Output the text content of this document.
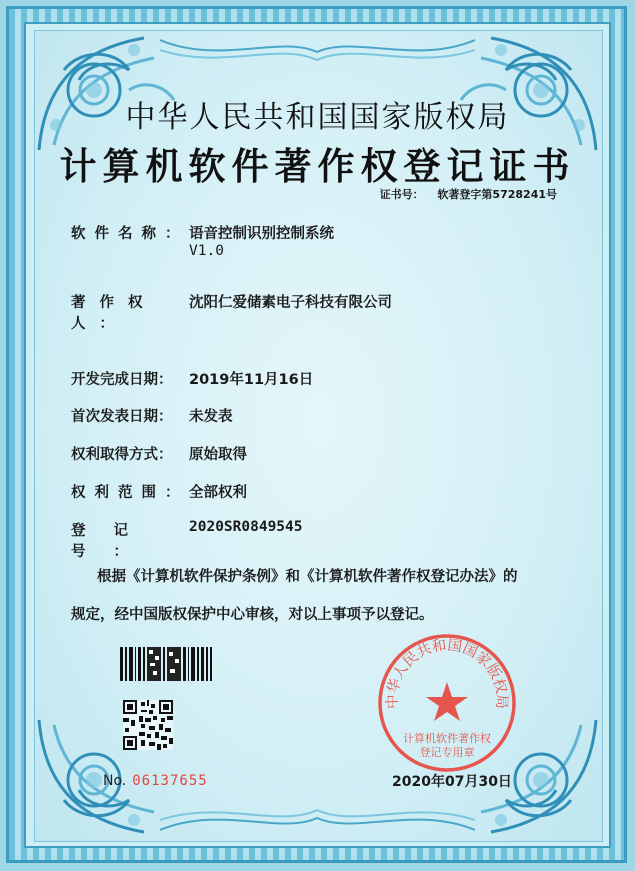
中华人民共和国国家版权局
计算机软件著作权登记证书
证书号： 软著登字第5728241号
软件名称：语音控制识别控制系统
V1.0
著作权人：沈阳仁爱储素电子科技有限公司
开发完成日期： 2019年11月16日
首次发表日期： 未发表
权利取得方式： 原始取得
权利范围：全部权利
登记号：2020SR0849545
根据《计算机软件保护条例》和《计算机软件著作权登记办法》的
规定，经中国版权保护中心审核，对以上事项予以登记。
No. 06137655
中华人民共和国国家版权局
计算机软件著作权
登记专用章
2020年07月30日
